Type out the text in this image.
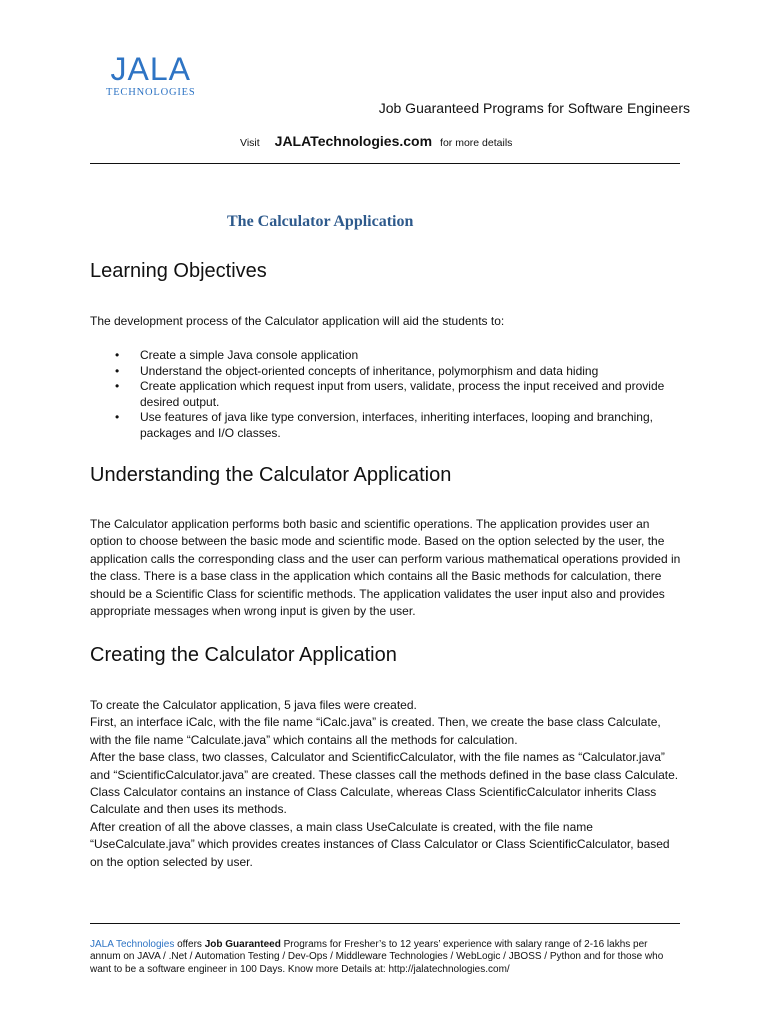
JALA
TECHNOLOGIES
Job Guaranteed Programs for Software Engineers
Visit JALATechnologies.com for more details
The Calculator Application
Learning Objectives
The development process of the Calculator application will aid the students to:
• Create a simple Java console application
• Understand the object-oriented concepts of inheritance, polymorphism and data hiding
• Create application which request input from users, validate, process the input received and provide desired output.
• Use features of java like type conversion, interfaces, inheriting interfaces, looping and branching, packages and I/O classes.
Understanding the Calculator Application
The Calculator application performs both basic and scientific operations. The application provides user an option to choose between the basic mode and scientific mode. Based on the option selected by the user, the application calls the corresponding class and the user can perform various mathematical operations provided in the class. There is a base class in the application which contains all the Basic methods for calculation, there should be a Scientific Class for scientific methods. The application validates the user input also and provides appropriate messages when wrong input is given by the user.
Creating the Calculator Application
To create the Calculator application, 5 java files were created.
First, an interface iCalc, with the file name “iCalc.java” is created. Then, we create the base class Calculate, with the file name “Calculate.java” which contains all the methods for calculation.
After the base class, two classes, Calculator and ScientificCalculator, with the file names as “Calculator.java” and “ScientificCalculator.java” are created. These classes call the methods defined in the base class Calculate.
Class Calculator contains an instance of Class Calculate, whereas Class ScientificCalculator inherits Class Calculate and then uses its methods.
After creation of all the above classes, a main class UseCalculate is created, with the file name “UseCalculate.java” which provides creates instances of Class Calculator or Class ScientificCalculator, based on the option selected by user.
JALA Technologies offers Job Guaranteed Programs for Fresher’s to 12 years’ experience with salary range of 2-16 lakhs per annum on JAVA / .Net / Automation Testing / Dev-Ops / Middleware Technologies / WebLogic / JBOSS / Python and for those who want to be a software engineer in 100 Days. Know more Details at: http://jalatechnologies.com/
